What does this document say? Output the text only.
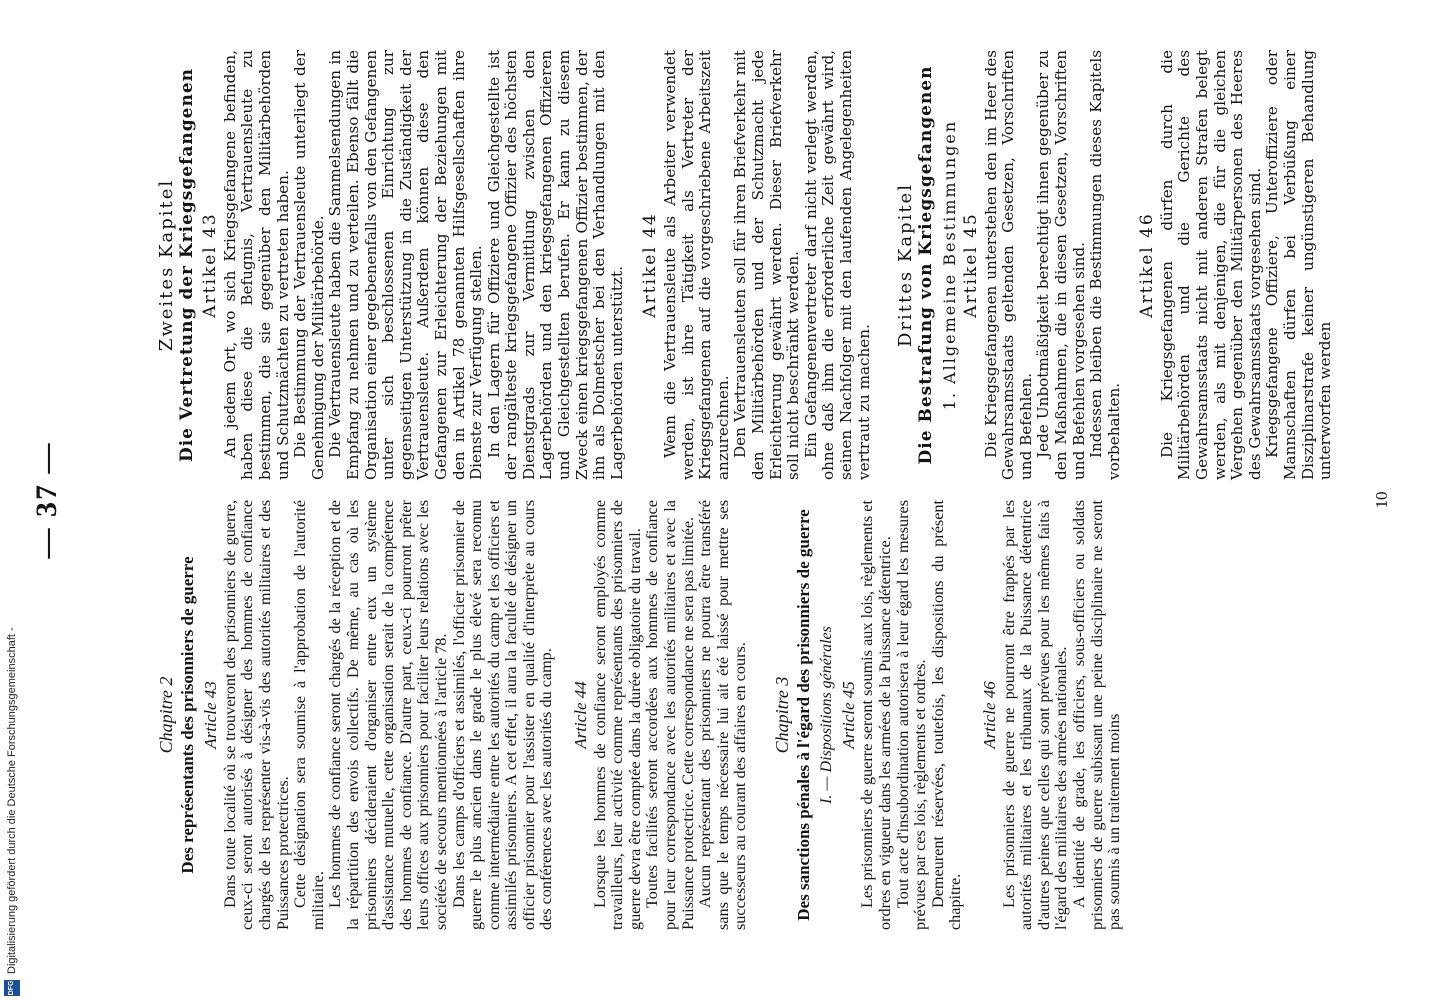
— 37 —
Chapitre 2 Des représentants des prisonniers de guerre Article 43 Dans toute localité où se trouveront des prisonniers de guerre, ceux-ci seront autorisés à désigner des hommes de confiance chargés de les représenter vis-à-vis des autorités militaires et des Puissances protectrices. Cette désignation sera soumise à l'approbation de l'autorité militaire. Les hommes de confiance seront chargés de la réception et de la répartition des envois collectifs. De même, au cas où les prisonniers décideraient d'organiser entre eux un système d'assistance mutuelle, cette organisation serait de la compétence des hommes de confiance. D'autre part, ceux-ci pourront prêter leurs offices aux prisonniers pour faciliter leurs relations avec les sociétés de secours mentionnées à l'article 78. Dans les camps d'officiers et assimilés, l'officier prisonnier de guerre le plus ancien dans le grade le plus élevé sera reconnu comme intermédiaire entre les autorités du camp et les officiers et assimilés prisonniers. A cet effet, il aura la faculté de désigner un officier prisonnier pour l'assister en qualité d'interprète au cours des conférences avec les autorités du camp. Article 44 Lorsque les hommes de confiance seront employés comme travailleurs, leur activité comme représentants des prisonniers de guerre devra être comptée dans la durée obligatoire du travail. Toutes facilités seront accordées aux hommes de confiance pour leur correspondance avec les autorités militaires et avec la Puissance protectrice. Cette correspondance ne sera pas limitée. Aucun représentant des prisonniers ne pourra être transféré sans que le temps nécessaire lui ait été laissé pour mettre ses successeurs au courant des affaires en cours. Chapitre 3 Des sanctions pénales à l'égard des prisonniers de guerre I. — Dispositions générales Article 45 Les prisonniers de guerre seront soumis aux lois, règlements et ordres en vigueur dans les armées de la Puissance détentrice. Tout acte d'insubordination autorisera à leur égard les mesures prévues par ces lois, règlements et ordres. Demeurent réservées, toutefois, les dispositions du présent chapitre.

Article 46 Les prisonniers de guerre ne pourront être frappés par les autorités militaires et les tribunaux de la Puissance détentrice d'autres peines que celles qui sont prévues pour les mêmes faits à l'égard des militaires des armées nationales. A identité de grade, les officiers, sous-officiers ou soldats prisonniers de guerre subissant une peine disciplinaire ne seront pas soumis à un traitement moins

Zweites Kapitel Die Vertretung der Kriegsgefangenen Artikel 43 An jedem Ort, wo sich Kriegsgefangene befinden, haben diese die Befugnis, Vertrauensleute zu bestimmen, die sie gegenüber den Militärbehörden und Schutzmächten zu vertreten haben. Die Bestimmung der Vertrauensleute unterliegt der Genehmigung der Militärbehörde. Die Vertrauensleute haben die Sammelsendungen in Empfang zu nehmen und zu verteilen. Ebenso fällt die Organisation einer gegebenenfalls von den Gefangenen unter sich beschlossenen Einrichtung zur gegenseitigen Unterstützung in die Zuständigkeit der Vertrauensleute. Außerdem können diese den Gefangenen zur Erleichterung der Beziehungen mit den in Artikel 78 genannten Hilfsgesellschaften ihre Dienste zur Verfügung stellen. In den Lagern für Offiziere und Gleichgestellte ist der rangälteste kriegsgefangene Offizier des höchsten Dienstgrads zur Vermittlung zwischen den Lagerbehörden und den kriegsgefangenen Offizieren und Gleichgestellten berufen. Er kann zu diesem Zweck einen kriegsgefangenen Offizier bestimmen, der ihn als Dolmetscher bei den Verhandlungen mit den Lagerbehörden unterstützt.

Artikel 44 Wenn die Vertrauensleute als Arbeiter verwendet werden, ist ihre Tätigkeit als Vertreter der Kriegsgefangenen auf die vorgeschriebene Arbeitszeit anzurechnen. Den Vertrauensleuten soll für ihren Briefverkehr mit den Militärbehörden und der Schutzmacht jede Erleichterung gewährt werden. Dieser Briefverkehr soll nicht beschränkt werden. Ein Gefangenenvertreter darf nicht verlegt werden, ohne daß ihm die erforderliche Zeit gewährt wird, seinen Nachfolger mit den laufenden Angelegenheiten vertraut zu machen.

Drittes Kapitel Die Bestrafung von Kriegsgefangenen 1. Allgemeine Bestimmungen Artikel 45 Die Kriegsgefangenen unterstehen den im Heer des Gewahrsamsstaats geltenden Gesetzen, Vorschriften und Befehlen. Jede Unbotmäßigkeit berechtigt ihnen gegenüber zu den Maßnahmen, die in diesen Gesetzen, Vorschriften und Befehlen vorgesehen sind. Indessen bleiben die Bestimmungen dieses Kapitels vorbehalten.

Artikel 46 Die Kriegsgefangenen dürfen durch die Militärbehörden und die Gerichte des Gewahrsamsstaats nicht mit anderen Strafen belegt werden, als mit denjenigen, die für die gleichen Vergehen gegenüber den Militärpersonen des Heeres des Gewahrsamsstaats vorgesehen sind. Kriegsgefangene Offiziere, Unteroffiziere oder Mannschaften dürfen bei Verbüßung einer Disziplinarstrafe keiner ungünstigeren Behandlung unterworfen werden

10
DFG
Digitalisierung gefördert durch die Deutsche Forschungsgemeinschaft -
